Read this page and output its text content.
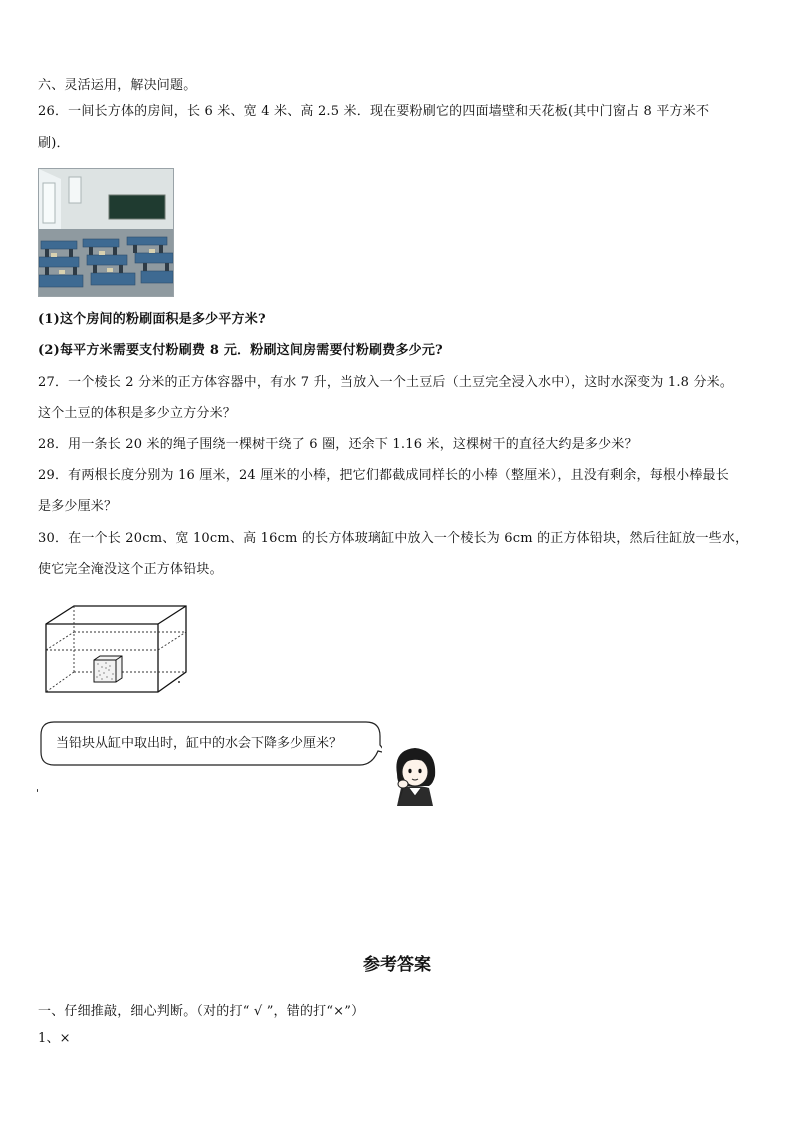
六、灵活运用，解决问题。
26．一间长方体的房间，长 6 米、宽 4 米、高 2.5 米．现在要粉刷它的四面墙壁和天花板(其中门窗占 8 平方米不
刷)．
(1)这个房间的粉刷面积是多少平方米?
(2)每平方米需要支付粉刷费 8 元．粉刷这间房需要付粉刷费多少元?
27．一个棱长 2 分米的正方体容器中，有水 7 升，当放入一个土豆后（土豆完全浸入水中），这时水深变为 1.8 分米。
这个土豆的体积是多少立方分米？
28．用一条长 20 米的绳子围绕一棵树干绕了 6 圈，还余下 1.16 米，这棵树干的直径大约是多少米？
29．有两根长度分别为 16 厘米，24 厘米的小棒，把它们都截成同样长的小棒（整厘米），且没有剩余，每根小棒最长
是多少厘米？
30．在一个长 20cm、宽 10cm、高 16cm 的长方体玻璃缸中放入一个棱长为 6cm 的正方体铅块，然后往缸放一些水，
使它完全淹没这个正方体铅块。
当铅块从缸中取出时，缸中的水会下降多少厘米？
参考答案
一、仔细推敲，细心判断。（对的打“ √ ”，错的打“×”）
1、×
